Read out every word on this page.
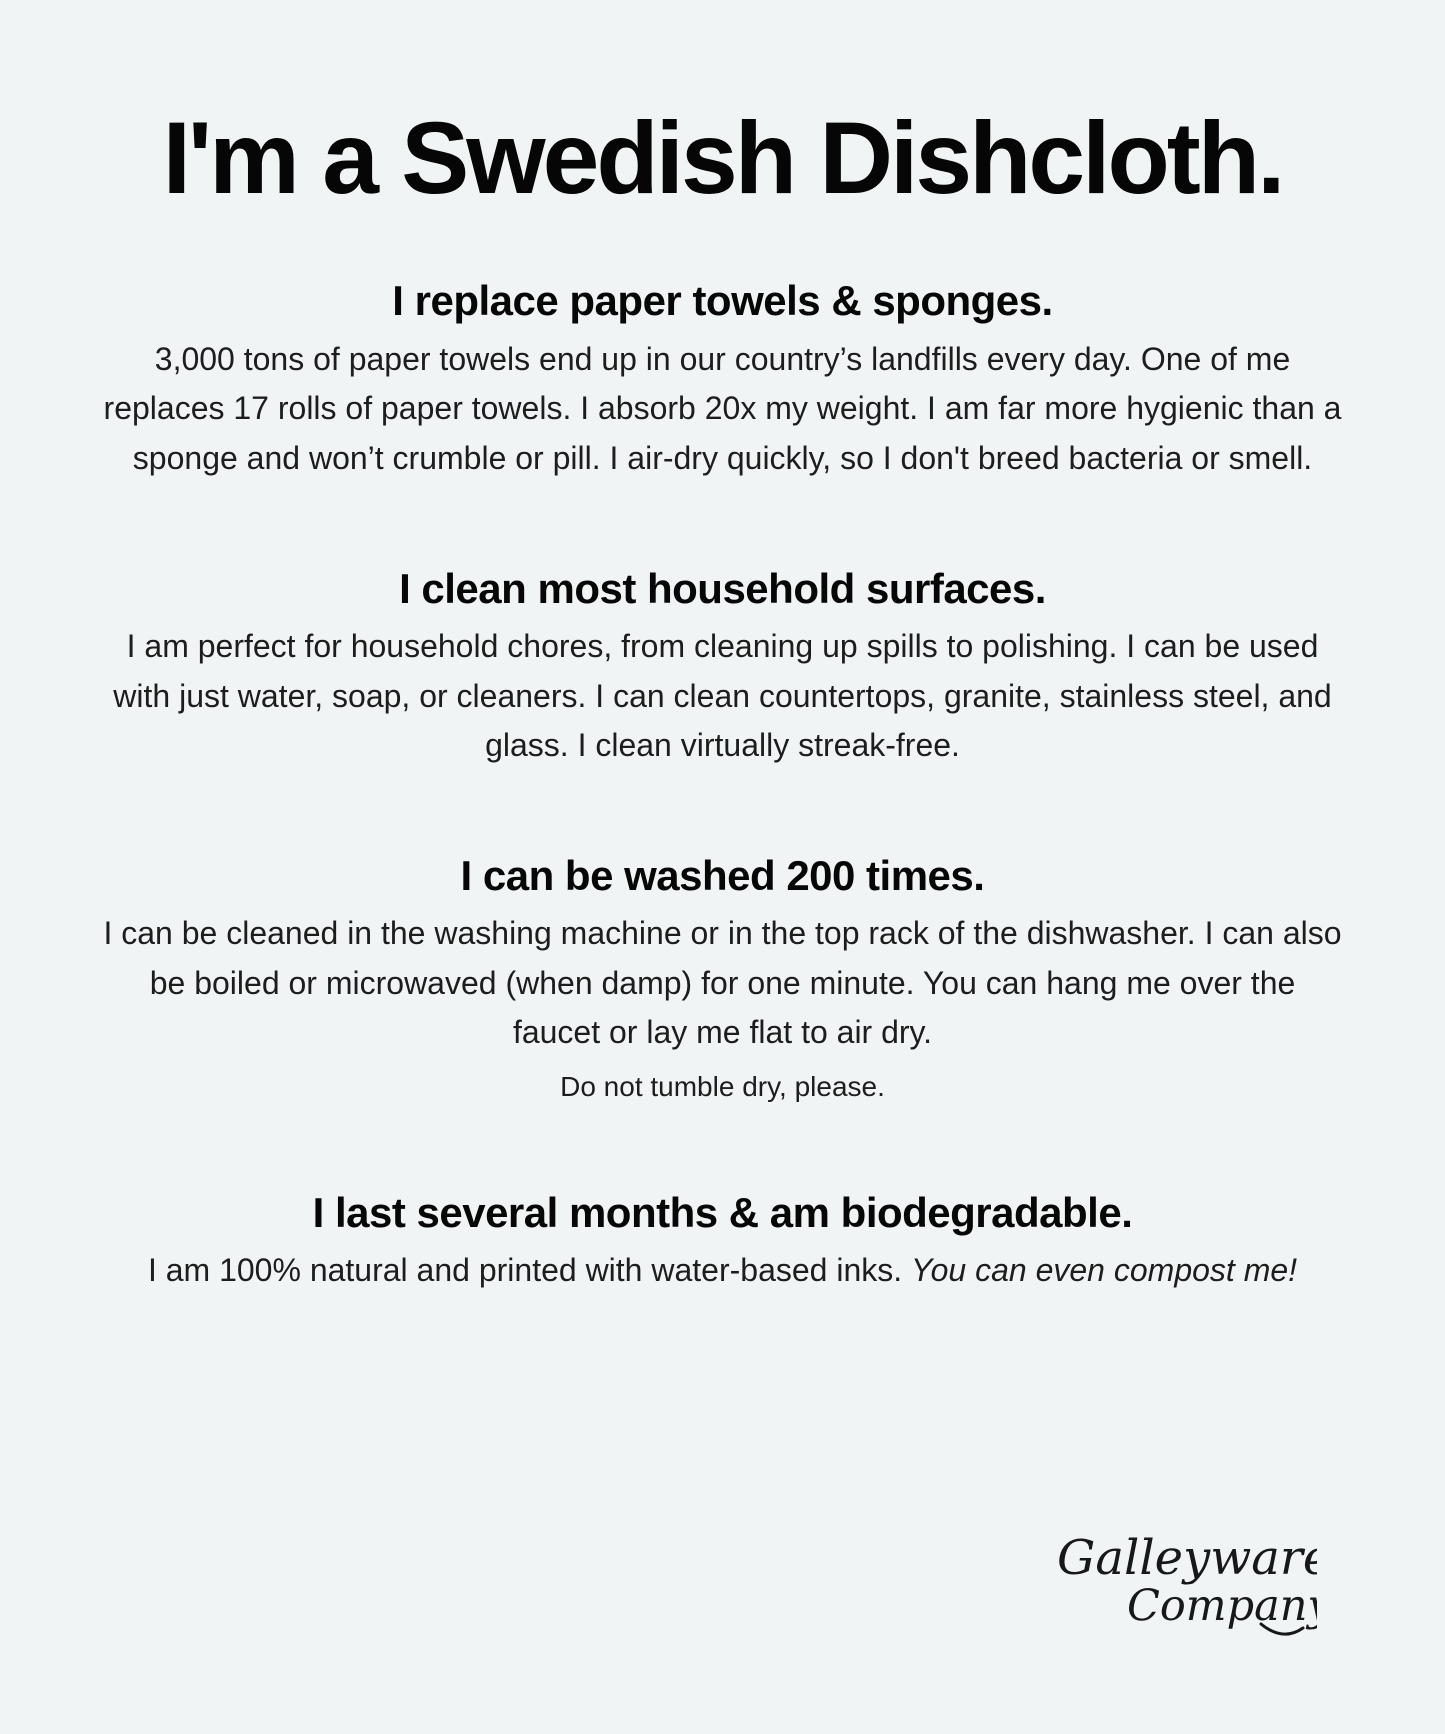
I'm a Swedish Dishcloth.
I replace paper towels & sponges.

3,000 tons of paper towels end up in our country’s landfills every day. One of me replaces 17 rolls of paper towels. I absorb 20x my weight. I am far more hygienic than a sponge and won’t crumble or pill. I air-dry quickly, so I don't breed bacteria or smell.

I clean most household surfaces.

I am perfect for household chores, from cleaning up spills to polishing. I can be used with just water, soap, or cleaners. I can clean countertops, granite, stainless steel, and glass. I clean virtually streak-free.

I can be washed 200 times.

I can be cleaned in the washing machine or in the top rack of the dishwasher. I can also be boiled or microwaved (when damp) for one minute. You can hang me over the faucet or lay me flat to air dry.

Do not tumble dry, please.

I last several months & am biodegradable.

I am 100% natural and printed with water-based inks. You can even compost me!

Galleyware
Company
